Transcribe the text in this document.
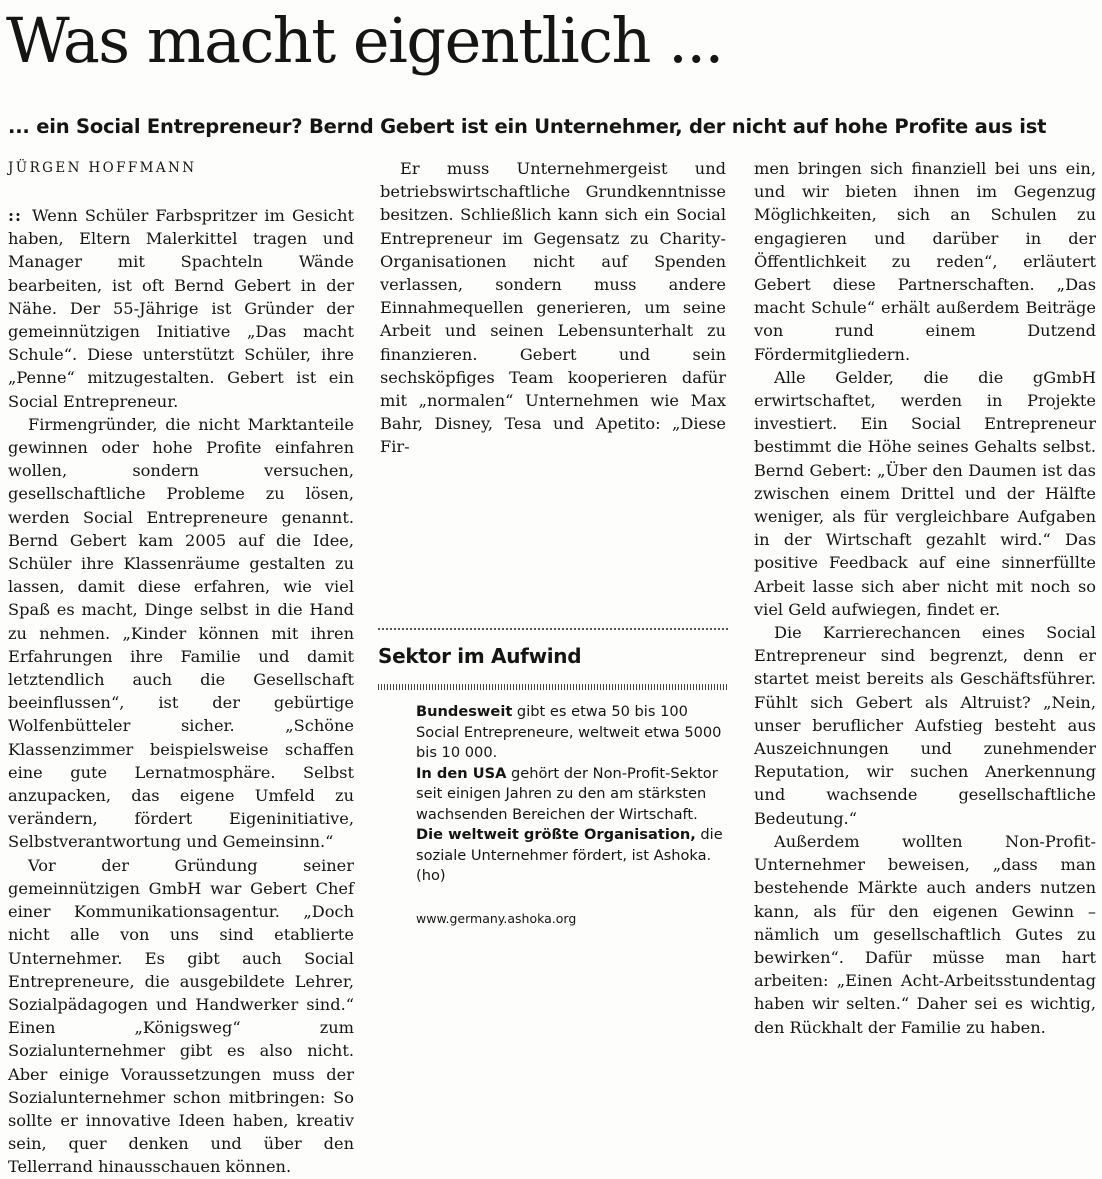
Was macht eigentlich ...
... ein Social Entrepreneur? Bernd Gebert ist ein Unternehmer, der nicht auf hohe Profite aus ist
JÜRGEN HOFFMANN

:: Wenn Schüler Farbspritzer im Gesicht haben, Eltern Malerkittel tragen und Manager mit Spachteln Wände bearbeiten, ist oft Bernd Gebert in der Nähe. Der 55-Jährige ist Gründer der gemeinnützigen Initiative „Das macht Schule“. Diese unterstützt Schüler, ihre „Penne“ mitzugestalten. Gebert ist ein Social Entrepreneur.

Firmengründer, die nicht Marktanteile gewinnen oder hohe Profite einfahren wollen, sondern versuchen, gesellschaftliche Probleme zu lösen, werden Social Entrepreneure genannt. Bernd Gebert kam 2005 auf die Idee, Schüler ihre Klassenräume gestalten zu lassen, damit diese erfahren, wie viel Spaß es macht, Dinge selbst in die Hand zu nehmen. „Kinder können mit ihren Erfahrungen ihre Familie und damit letztendlich auch die Gesellschaft beeinflussen“, ist der gebürtige Wolfenbütteler sicher. „Schöne Klassenzimmer beispielsweise schaffen eine gute Lernatmosphäre. Selbst anzupacken, das eigene Umfeld zu verändern, fördert Eigeninitiative, Selbstverantwortung und Gemeinsinn.“

Vor der Gründung seiner gemeinnützigen GmbH war Gebert Chef einer Kommunikationsagentur. „Doch nicht alle von uns sind etablierte Unternehmer. Es gibt auch Social Entrepreneure, die ausgebildete Lehrer, Sozialpädagogen und Handwerker sind.“ Einen „Königsweg“ zum Sozialunternehmer gibt es also nicht. Aber einige Voraussetzungen muss der Sozialunternehmer schon mitbringen: So sollte er innovative Ideen haben, kreativ sein, quer denken und über den Tellerrand hinausschauen können.

Er muss Unternehmergeist und betriebswirtschaftliche Grundkenntnisse besitzen. Schließlich kann sich ein Social Entrepreneur im Gegensatz zu Charity-Organisationen nicht auf Spenden verlassen, sondern muss andere Einnahmequellen generieren, um seine Arbeit und seinen Lebensunterhalt zu finanzieren. Gebert und sein sechsköpfiges Team kooperieren dafür mit „normalen“ Unternehmen wie Max Bahr, Disney, Tesa und Apetito: „Diese Fir-

Sektor im Aufwind

Bundesweit gibt es etwa 50 bis 100 Social Entrepreneure, weltweit etwa 5000 bis 10 000.

In den USA gehört der Non-Profit-Sektor seit einigen Jahren zu den am stärksten wachsenden Bereichen der Wirtschaft.

Die weltweit größte Organisation, die soziale Unternehmer fördert, ist Ashoka. (ho)

www.germany.ashoka.org

men bringen sich finanziell bei uns ein, und wir bieten ihnen im Gegenzug Möglichkeiten, sich an Schulen zu engagieren und darüber in der Öffentlichkeit zu reden“, erläutert Gebert diese Partnerschaften. „Das macht Schule“ erhält außerdem Beiträge von rund einem Dutzend Fördermitgliedern.

Alle Gelder, die die gGmbH erwirtschaftet, werden in Projekte investiert. Ein Social Entrepreneur bestimmt die Höhe seines Gehalts selbst. Bernd Gebert: „Über den Daumen ist das zwischen einem Drittel und der Hälfte weniger, als für vergleichbare Aufgaben in der Wirtschaft gezahlt wird.“ Das positive Feedback auf eine sinnerfüllte Arbeit lasse sich aber nicht mit noch so viel Geld aufwiegen, findet er.

Die Karrierechancen eines Social Entrepreneur sind begrenzt, denn er startet meist bereits als Geschäftsführer. Fühlt sich Gebert als Altruist? „Nein, unser beruflicher Aufstieg besteht aus Auszeichnungen und zunehmender Reputation, wir suchen Anerkennung und wachsende gesellschaftliche Bedeutung.“

Außerdem wollten Non-Profit-Unternehmer beweisen, „dass man bestehende Märkte auch anders nutzen kann, als für den eigenen Gewinn – nämlich um gesellschaftlich Gutes zu bewirken“. Dafür müsse man hart arbeiten: „Einen Acht-Arbeitsstundentag haben wir selten.“ Daher sei es wichtig, den Rückhalt der Familie zu haben.
